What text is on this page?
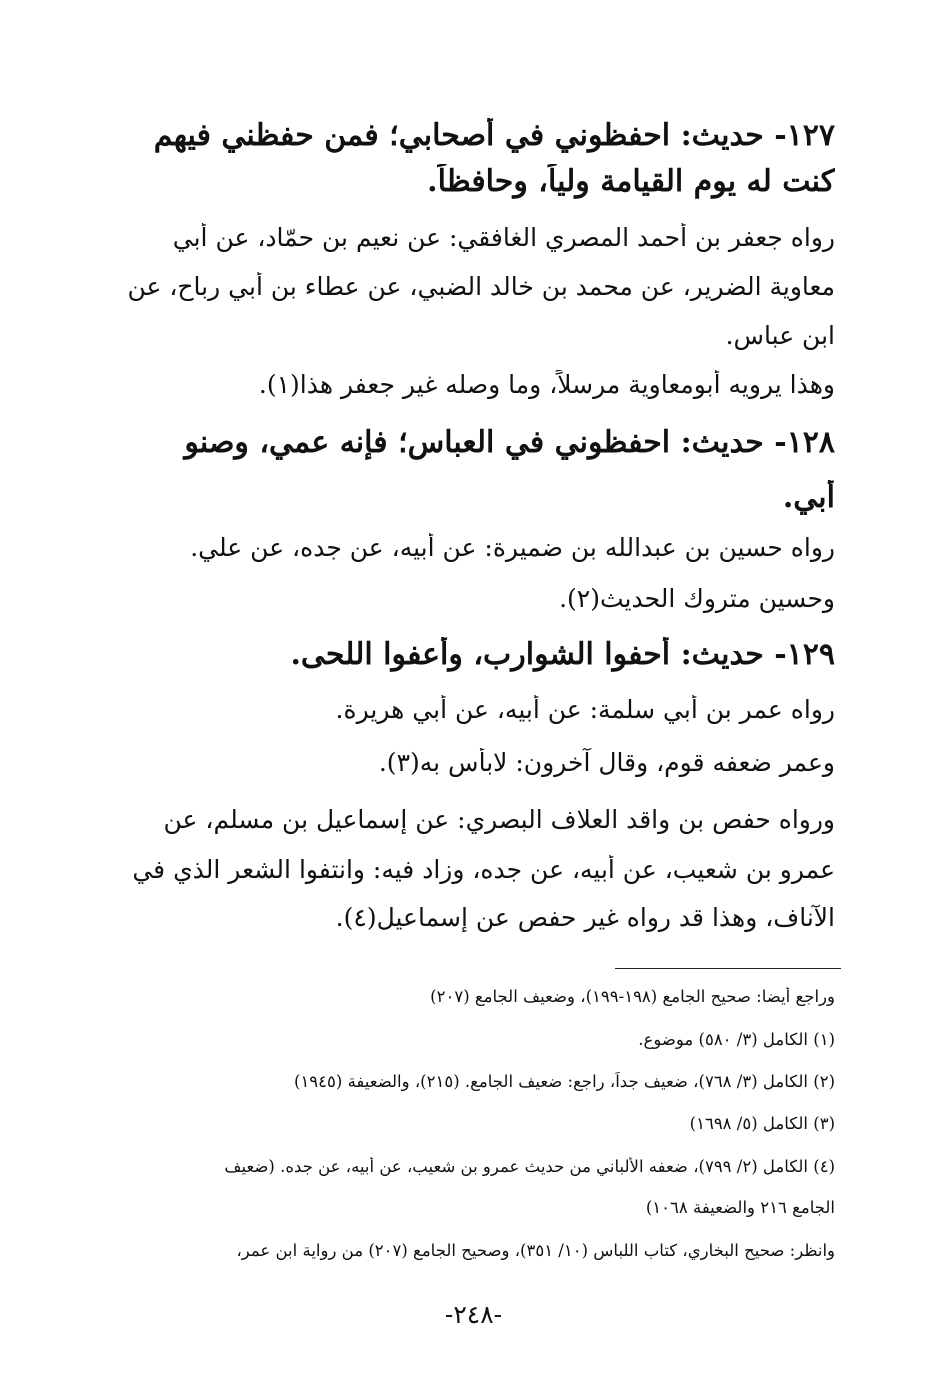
١٢٧- حديث: احفظوني في أصحابي؛ فمن حفظني فيهم
كنت له يوم القيامة ولياً، وحافظاً.
رواه جعفر بن أحمد المصري الغافقي: عن نعيم بن حمّاد، عن أبي
معاوية الضرير، عن محمد بن خالد الضبي، عن عطاء بن أبي رباح، عن
ابن عباس.
وهذا يرويه أبومعاوية مرسلاً، وما وصله غير جعفر هذا(١).
١٢٨- حديث: احفظوني في العباس؛ فإنه عمي، وصنو
أبي.
رواه حسين بن عبدالله بن ضميرة: عن أبيه، عن جده، عن علي.
وحسين متروك الحديث(٢).
١٢٩- حديث: أحفوا الشوارب، وأعفوا اللحى.
رواه عمر بن أبي سلمة: عن أبيه، عن أبي هريرة.
وعمر ضعفه قوم، وقال آخرون: لابأس به(٣).
وروا‌ه حفص بن واقد العلاف البصري: عن إسماعيل بن مسلم، عن
عمرو بن شعيب، عن أبيه، عن جده، وزاد فيه: وانتفوا الشعر الذي في
الآناف، وهذا قد رواه غير حفص عن إسماعيل(٤).
وراجع أيضا: صحيح الجامع (١٩٨-١٩٩)، وضعيف الجامع (٢٠٧)
(١) الكامل (٣/ ٥٨٠) موضوع.
(٢) الكامل (٣/ ٧٦٨)، ضعيف جداً، راجع: ضعيف الجامع. (٢١٥)، والضعيفة (١٩٤٥)
(٣) الكامل (٥/ ١٦٩٨)
(٤) الكامل (٢/ ٧٩٩)، ضعفه الألباني من حديث عمرو بن شعيب، عن أبيه، عن جده. (ضعيف
الجامع ٢١٦ والضعيفة ١٠٦٨)
وانظر: صحيح البخاري، كتاب اللباس (١٠/ ٣٥١)، وصحيح الجامع (٢٠٧) من رواية ابن عمر،
-٢٤٨-
